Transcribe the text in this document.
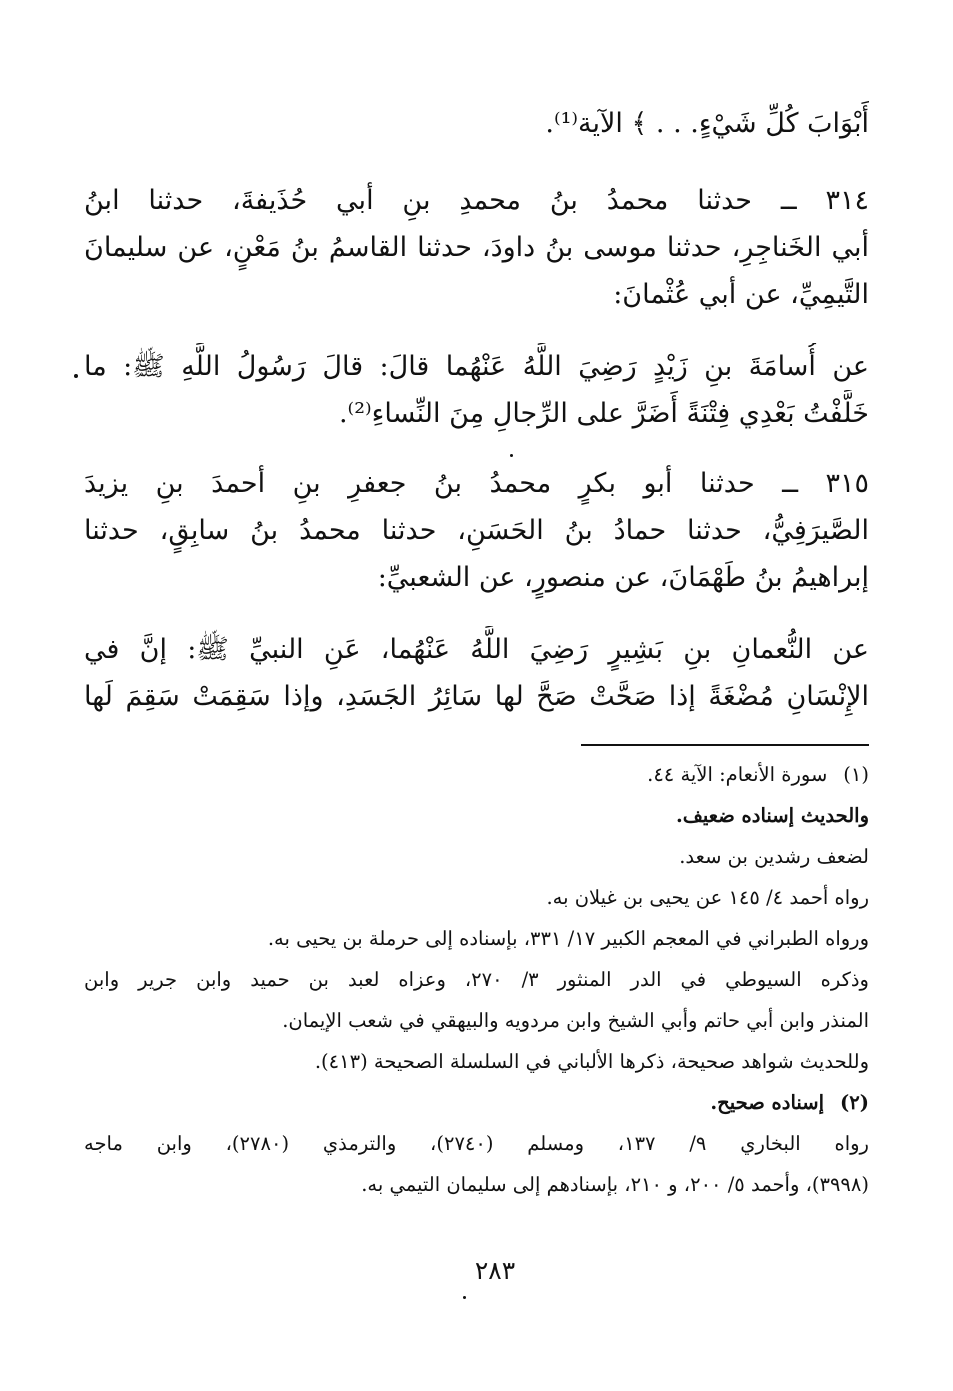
أَبْوَابَ كُلِّ شَيْءٍ. . . ﴾ الآية⁽¹⁾.
٣١٤ ــ حدثنا محمدُ بنُ محمدِ بنِ أبي حُذَيفةَ، حدثنا ابنُ
أبي الخَناجِرِ، حدثنا موسى بنُ داودَ، حدثنا القاسمُ بنُ مَعْنٍ، عن سليمانَ
التَّيمِيِّ، عن أبي عُثْمانَ:
عن أُسامَةَ بنِ زَيْدٍ رَضِيَ اللَّهُ عَنْهُما قالَ: قالَ رَسُولُ اللَّهِ ﷺ: ما
خَلَّفْتُ بَعْدِي فِتْنَةً أَضَرَّ على الرِّجالِ مِنَ النِّساءِ⁽²⁾.
٣١٥ ــ حدثنا أبو بكرٍ محمدُ بنُ جعفرِ بنِ أحمدَ بنِ يزيدَ
الصَّيرَفِيُّ، حدثنا حمادُ بنُ الحَسَنِ، حدثنا محمدُ بنُ سابِقٍ، حدثنا
إبراهيمُ بنُ طَهْمَانَ، عن منصورٍ، عن الشعبيِّ:
عن النُّعمانِ بنِ بَشِيرٍ رَضِيَ اللَّهُ عَنْهُما، عَنِ النبيِّ ﷺ: إنَّ في
الإِنْسَانِ مُضْغَةً إذا صَحَّتْ صَحَّ لها سَائِرُ الجَسَدِ، وإذا سَقِمَتْ سَقِمَ لَها
(١)سورة الأنعام: الآية ٤٤.
والحديث إسناده ضعيف.
لضعف رشدين بن سعد.
رواه أحمد ٤/ ١٤٥ عن يحيى بن غيلان به.
ورواه الطبراني في المعجم الكبير ١٧/ ٣٣١، بإسناده إلى حرملة بن يحيى به.
وذكره السيوطي في الدر المنثور ٣/ ٢٧٠، وعزاه لعبد بن حميد وابن جرير وابن
المنذر وابن أبي حاتم وأبي الشيخ وابن مردويه والبيهقي في شعب الإيمان.
وللحديث شواهد صحيحة، ذكرها الألباني في السلسلة الصحيحة (٤١٣).
(٢)إسناده صحيح.
رواه البخاري ٩/ ١٣٧، ومسلم (٢٧٤٠)، والترمذي (٢٧٨٠)، وابن ماجه
(٣٩٩٨)، وأحمد ٥/ ٢٠٠، و ٢١٠، بإسنادهم إلى سليمان التيمي به.
٢٨٣
